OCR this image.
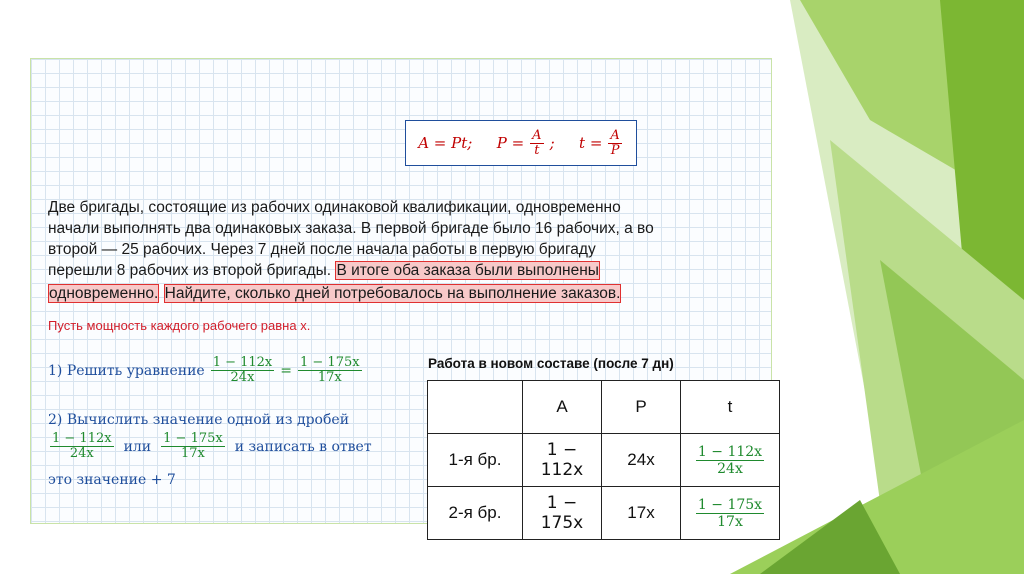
A = Pt; $P = \frac{A}{t}$ ; $t = \frac{A}{P}$
Две бригады, состоящие из рабочих одинаковой квалификации, одновременно
начали выполнять два одинаковых заказа. В первой бригаде было 16 рабочих, а во
второй — 25 рабочих. Через 7 дней после начала работы в первую бригаду
перешли 8 рабочих из второй бригады. В итоге оба заказа были выполнены
одновременно. Найдите, сколько дней потребовалось на выполнение заказов.
Пусть мощность каждого рабочего равна x.
1) Решить уравнение $\frac{1 - 112x}{24x} = \frac{1 - 175x}{17x}$
2) Вычислить значение одной из дробей
$\frac{1 - 112x}{24x}$ или $\frac{1 - 175x}{17x}$ и записать в ответ
это значение + 7
Работа в новом составе (после 7 дн)
	A	P	t
1-я бр.	1 − 112x	24x	$\frac{1 - 112x}{24x}$

2-я бр.	1 − 175x	17x	$\frac{1 - 175x}{17x}$
